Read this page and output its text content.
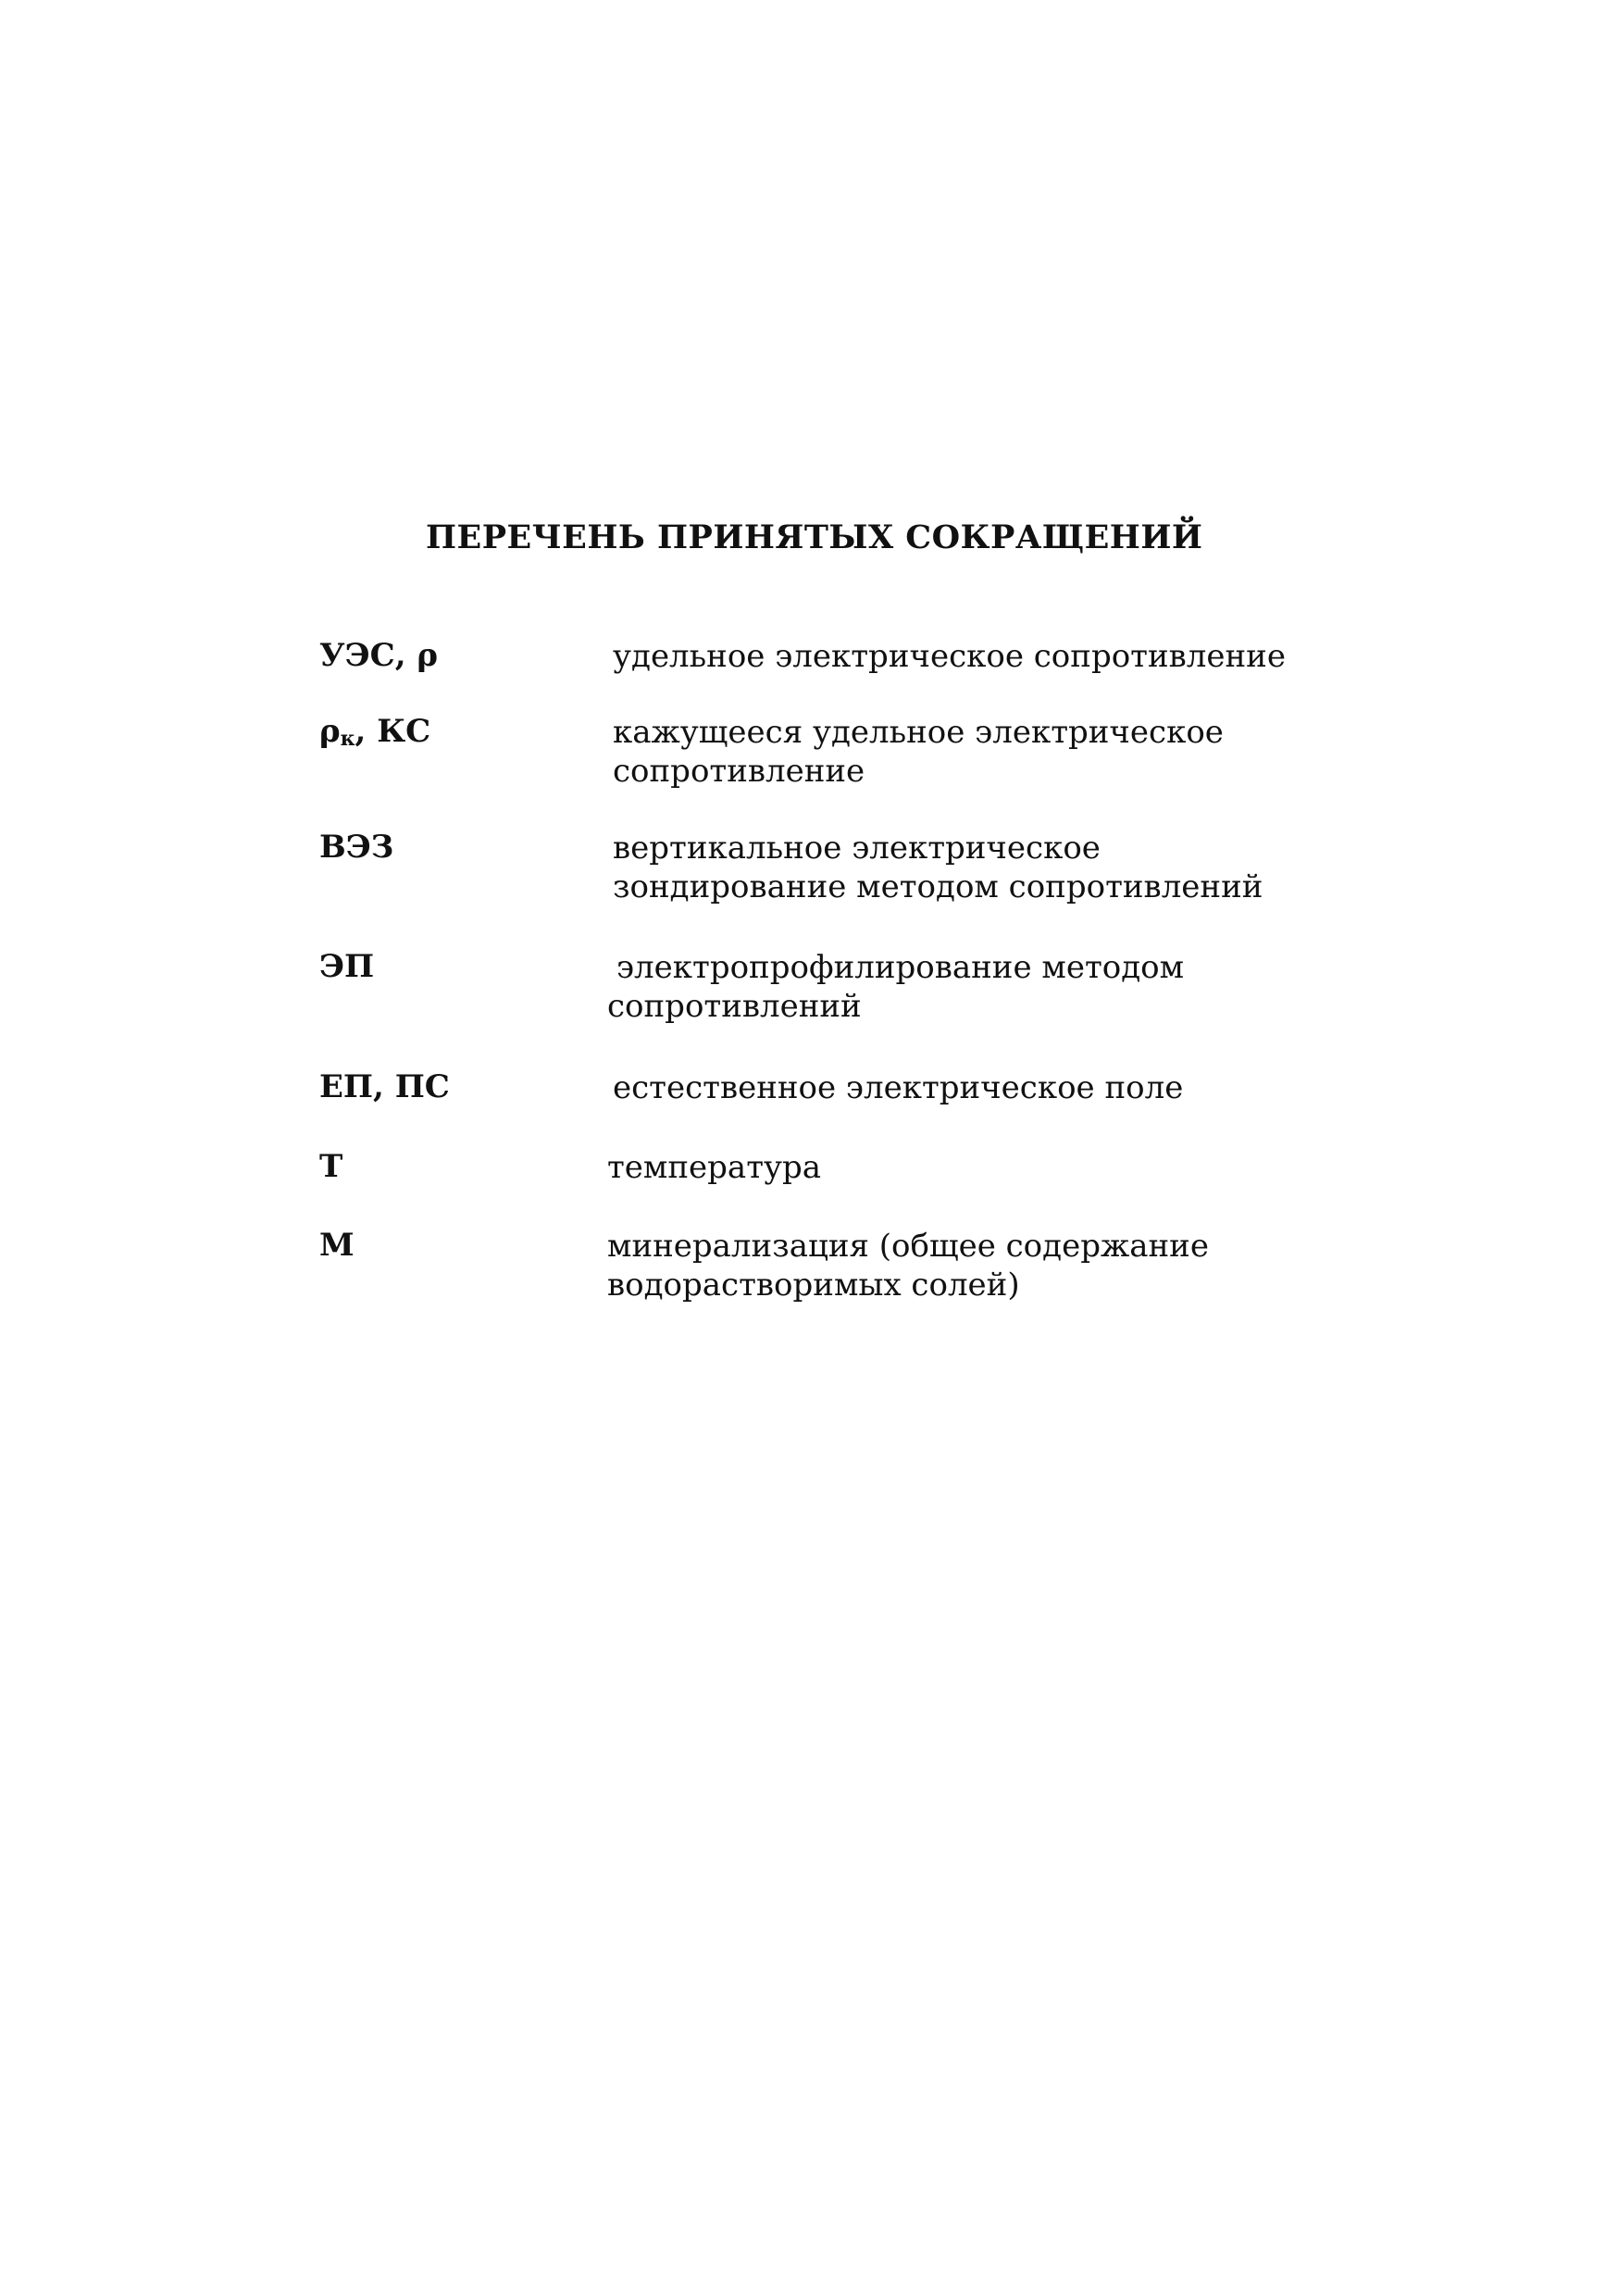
ПЕРЕЧЕНЬ ПРИНЯТЫХ СОКРАЩЕНИЙ
УЭС, ρ	удельное электрическое сопротивление
$\rho_к$, КС	кажущееся удельное электрическое
сопротивление
ВЭЗ	вертикальное электрическое
зондирование методом сопротивлений
ЭП	электропрофилирование методом
сопротивлений
ЕП, ПС	естественное электрическое поле
Т	температура
М	минерализация (общее содержание
водорастворимых солей)
